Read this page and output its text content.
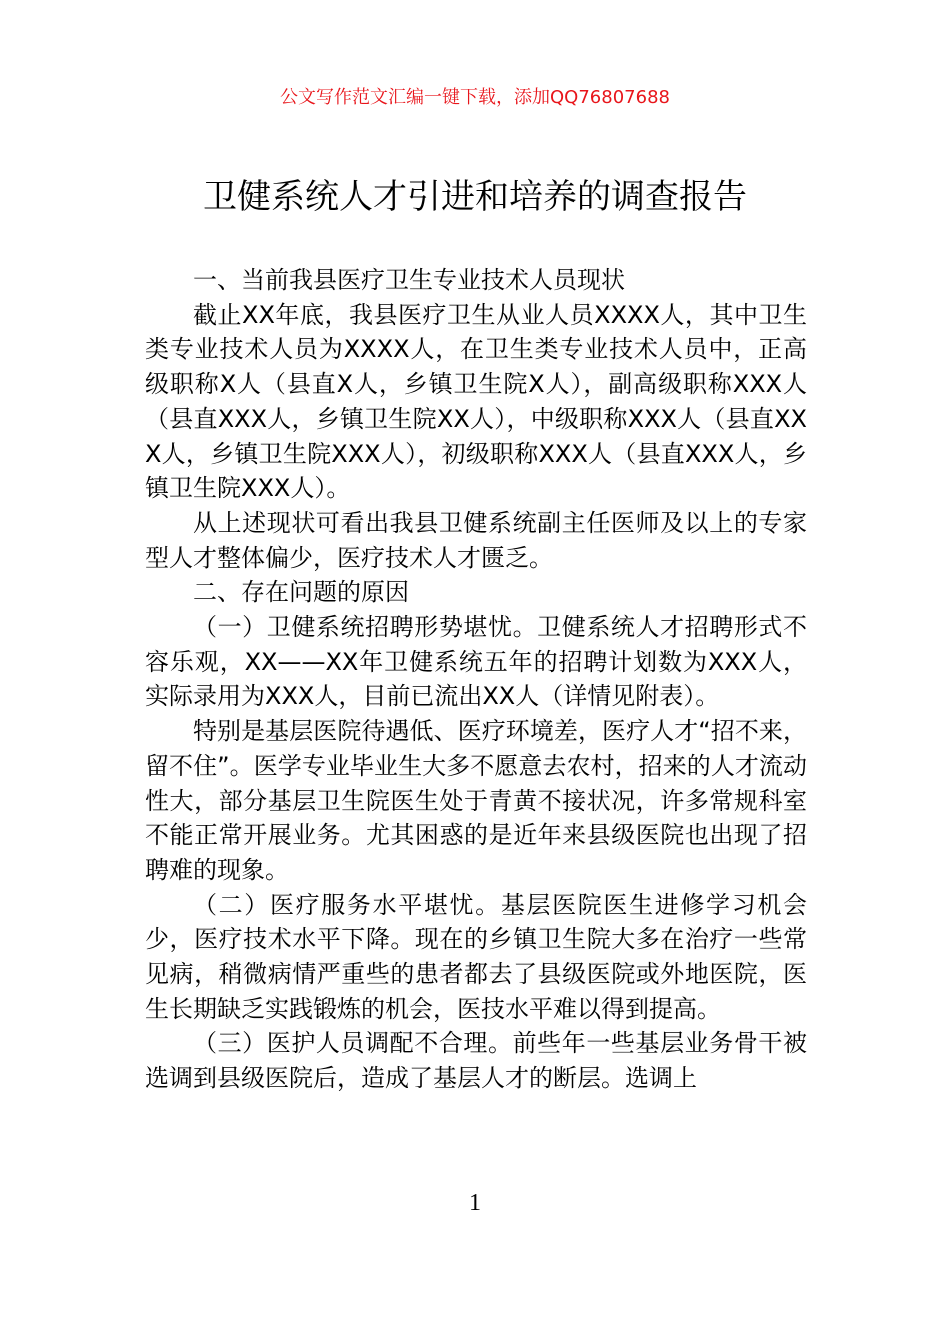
公文写作范文汇编一键下载，添加QQ76807688
卫健系统人才引进和培养的调查报告

一、当前我县医疗卫生专业技术人员现状

截止XX年底，我县医疗卫生从业人员XXXX人，其中卫生类专业技术人员为XXXX人，在卫生类专业技术人员中，正高级职称X人（县直X人，乡镇卫生院X人），副高级职称XXX人（县直XXX人，乡镇卫生院XX人），中级职称XXX人（县直XXX人，乡镇卫生院XXX人），初级职称XXX人（县直XXX人，乡镇卫生院XXX人）。

从上述现状可看出我县卫健系统副主任医师及以上的专家型人才整体偏少，医疗技术人才匮乏。

二、存在问题的原因

（一）卫健系统招聘形势堪忧。卫健系统人才招聘形式不容乐观，XX——XX年卫健系统五年的招聘计划数为XXX人，实际录用为XXX人，目前已流出XX人（详情见附表）。

特别是基层医院待遇低、医疗环境差，医疗人才“招不来，留不住”。医学专业毕业生大多不愿意去农村，招来的人才流动性大，部分基层卫生院医生处于青黄不接状况，许多常规科室不能正常开展业务。尤其困惑的是近年来县级医院也出现了招聘难的现象。

（二）医疗服务水平堪忧。基层医院医生进修学习机会少，医疗技术水平下降。现在的乡镇卫生院大多在治疗一些常见病，稍微病情严重些的患者都去了县级医院或外地医院，医生长期缺乏实践锻炼的机会，医技水平难以得到提高。

（三）医护人员调配不合理。前些年一些基层业务骨干被选调到县级医院后，造成了基层人才的断层。选调上

1
